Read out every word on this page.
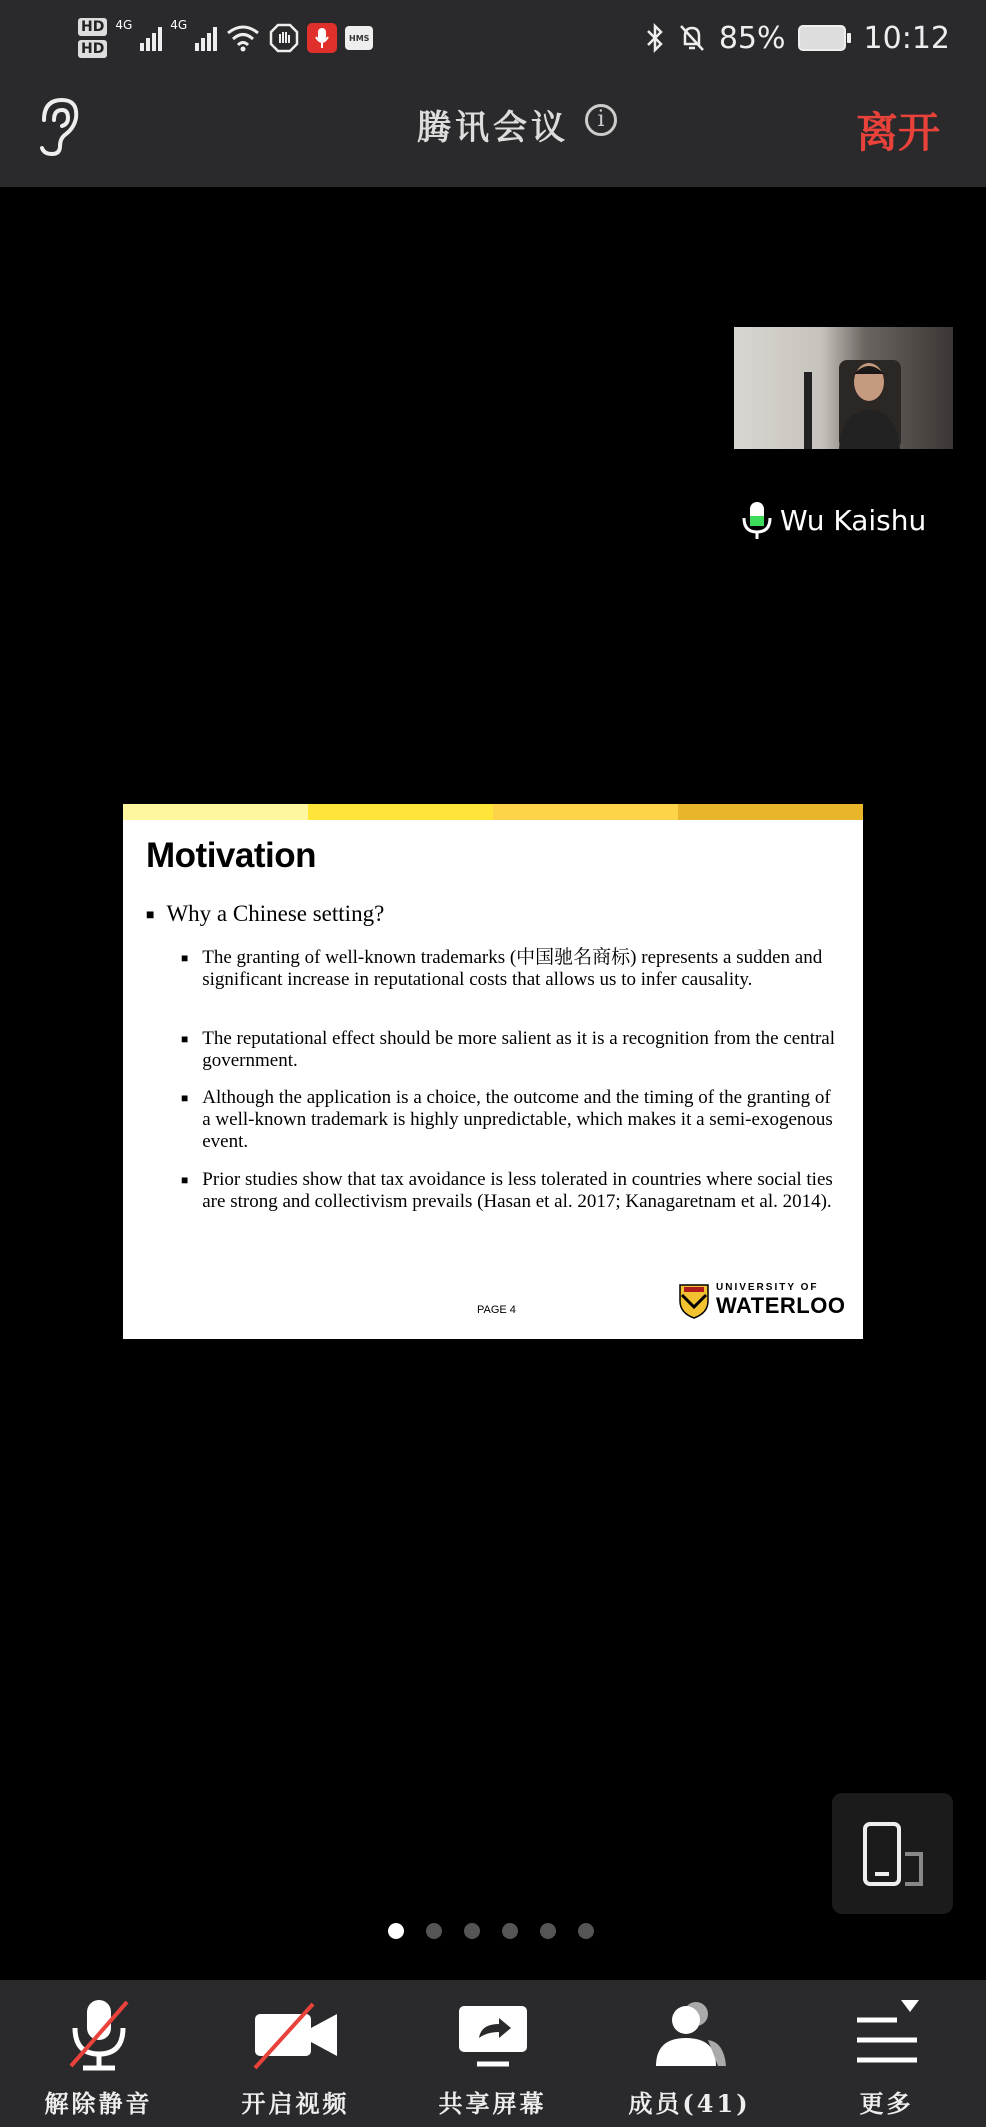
HD
HD
4G	4G
HMS	85%	10:12
腾讯会议	i	离开
Wu Kaishu
Motivation
■ Why a Chinese setting?
■ The granting of well-known trademarks (中国驰名商标) represents a sudden and significant increase in reputational costs that allows us to infer causality.
■ The reputational effect should be more salient as it is a recognition from the central government.
■ Although the application is a choice, the outcome and the timing of the granting of a well-known trademark is highly unpredictable, which makes it a semi-exogenous event.
■ Prior studies show that tax avoidance is less tolerated in countries where social ties are strong and collectivism prevails (Hasan et al. 2017; Kanagaretnam et al. 2014).
PAGE 4
UNIVERSITY OF
WATERLOO
解除静音	开启视频	共享屏幕	成员(41)	更多
